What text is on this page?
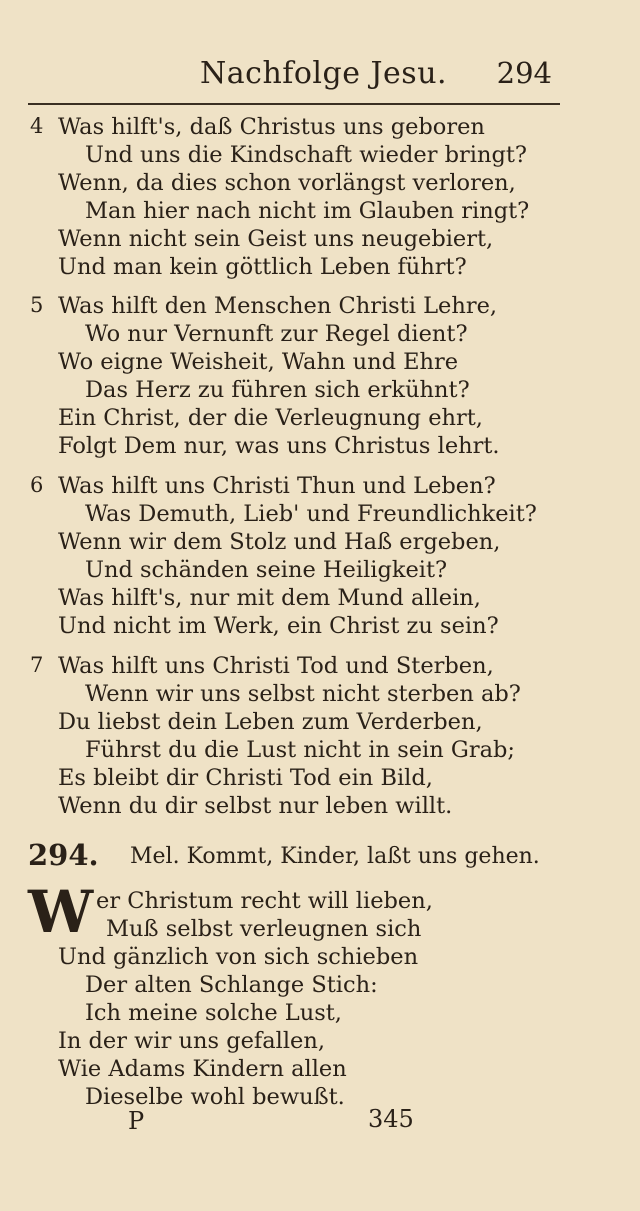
Nachfolge Jesu. 294
4 Was hilft's, daß Christus uns geboren
Und uns die Kindschaft wieder bringt?
Wenn, da dies schon vorlängst verloren,
Man hier nach nicht im Glauben ringt?
Wenn nicht sein Geist uns neugebiert,
Und man kein göttlich Leben führt?
5 Was hilft den Menschen Christi Lehre,
Wo nur Vernunft zur Regel dient?
Wo eigne Weisheit, Wahn und Ehre
Das Herz zu führen sich erkühnt?
Ein Christ, der die Verleugnung ehrt,
Folgt Dem nur, was uns Christus lehrt.
6 Was hilft uns Christi Thun und Leben?
Was Demuth, Lieb' und Freundlichkeit?
Wenn wir dem Stolz und Haß ergeben,
Und schänden seine Heiligkeit?
Was hilft's, nur mit dem Mund allein,
Und nicht im Werk, ein Christ zu sein?
7 Was hilft uns Christi Tod und Sterben,
Wenn wir uns selbst nicht sterben ab?
Du liebst dein Leben zum Verderben,
Führst du die Lust nicht in sein Grab;
Es bleibt dir Christi Tod ein Bild,
Wenn du dir selbst nur leben willt.
294. Mel. Kommt, Kinder, laßt uns gehen.
W er Christum recht will lieben,
Muß selbst verleugnen sich
Und gänzlich von sich schieben
Der alten Schlange Stich:
Ich meine solche Lust,
In der wir uns gefallen,
Wie Adams Kindern allen
Dieselbe wohl bewußt.
P	345
